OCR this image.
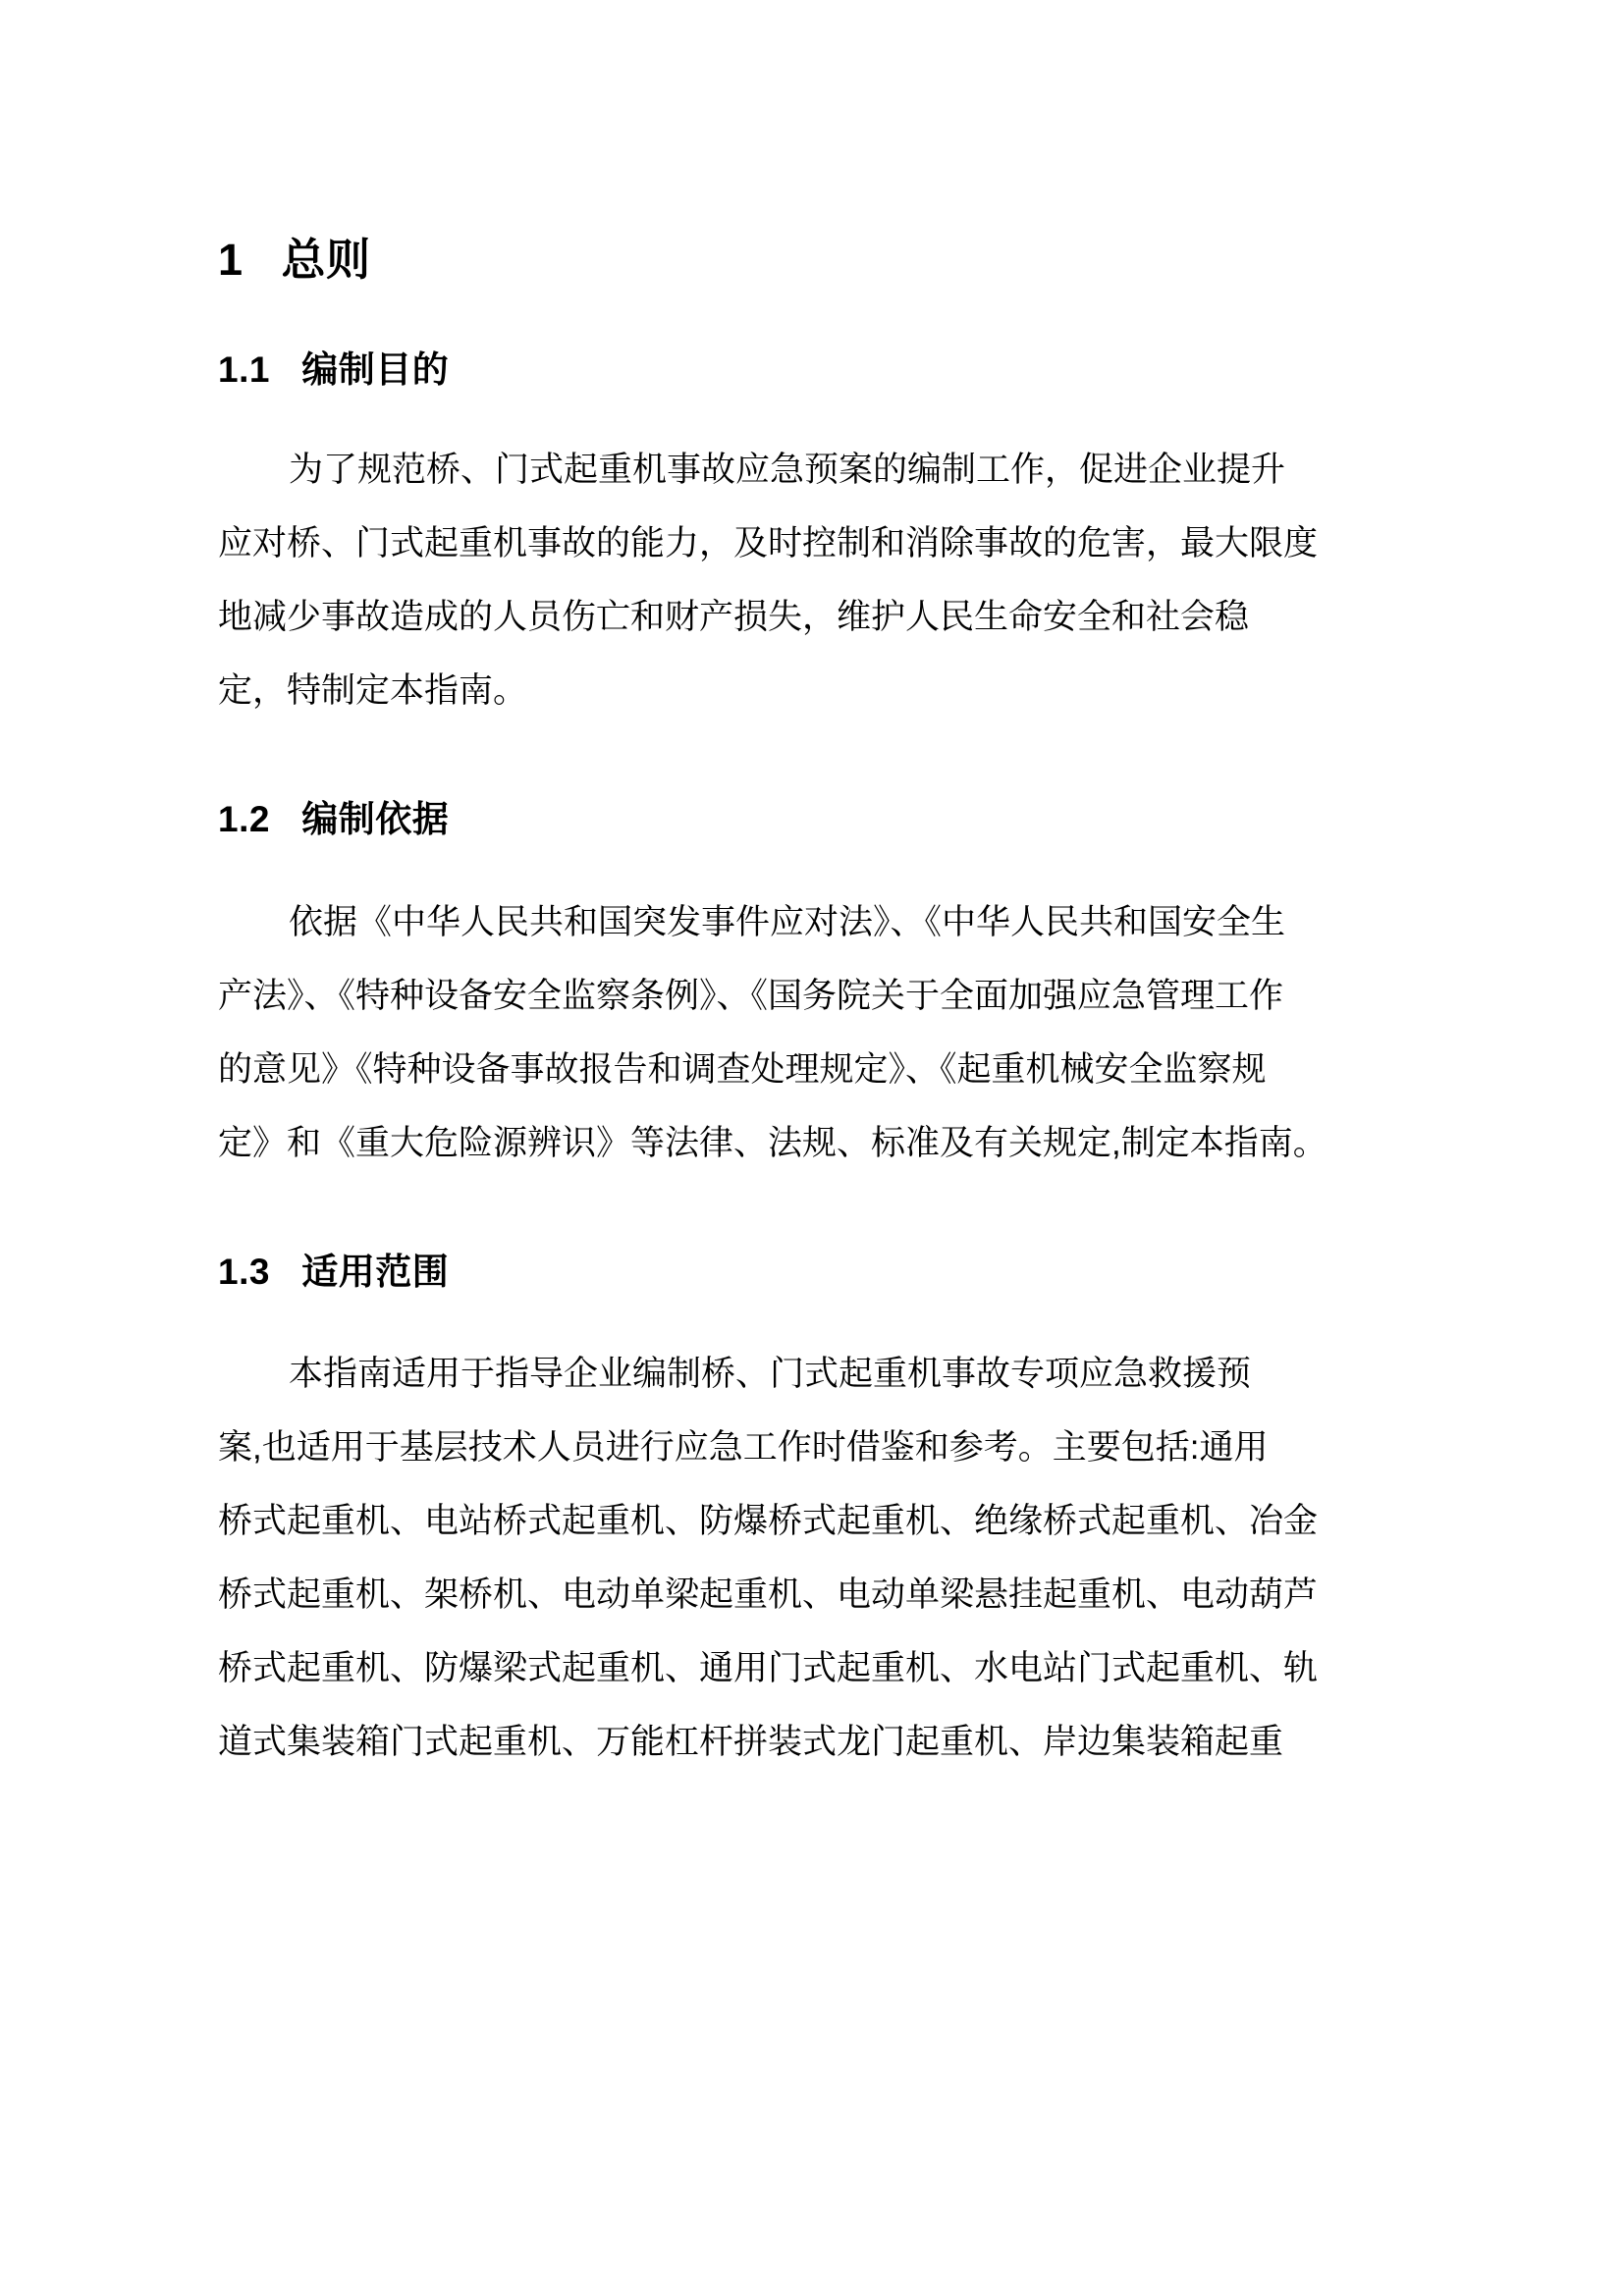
1   总则
1.1   编制目的
为了规范桥、门式起重机事故应急预案的编制工作，促进企业提升
应对桥、门式起重机事故的能力，及时控制和消除事故的危害，最大限度
地减少事故造成的人员伤亡和财产损失，维护人民生命安全和社会稳
定，特制定本指南。
1.2   编制依据
依据《中华人民共和国突发事件应对法》、《中华人民共和国安全生
产法》、《特种设备安全监察条例》、《国务院关于全面加强应急管理工作
的意见》《特种设备事故报告和调查处理规定》、《起重机械安全监察规
定》和《重大危险源辨识》等法律、法规、标准及有关规定,制定本指南。
1.3   适用范围
本指南适用于指导企业编制桥、门式起重机事故专项应急救援预
案,也适用于基层技术人员进行应急工作时借鉴和参考。主要包括:通用
桥式起重机、电站桥式起重机、防爆桥式起重机、绝缘桥式起重机、冶金
桥式起重机、架桥机、电动单梁起重机、电动单梁悬挂起重机、电动葫芦
桥式起重机、防爆梁式起重机、通用门式起重机、水电站门式起重机、轨
道式集装箱门式起重机、万能杠杆拼装式龙门起重机、岸边集装箱起重
